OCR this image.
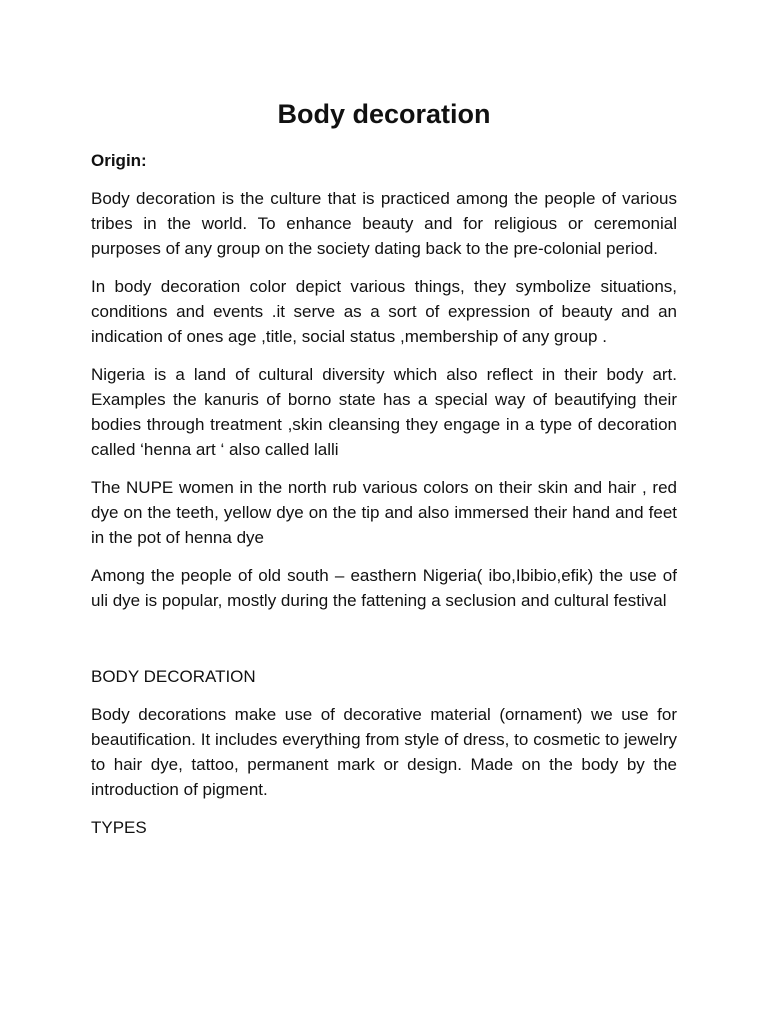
Body decoration

Origin:

Body decoration is the culture that is practiced among the people of various tribes in the world. To enhance beauty and for religious or ceremonial purposes of any group on the society dating back to the pre-colonial period.

In body decoration color depict various things, they symbolize situations, conditions and events .it serve as a sort of expression of beauty and an indication of ones age ,title, social status ,membership of any group .

Nigeria is a land of cultural diversity which also reflect in their body art. Examples the kanuris of borno state has a special way of beautifying their bodies through treatment ,skin cleansing they engage in a type of decoration called ‘henna art ‘ also called lalli

The NUPE women in the north rub various colors on their skin and hair , red dye on the teeth, yellow dye on the tip and also immersed their hand and feet in the pot of henna dye

Among the people of old south – easthern Nigeria( ibo,Ibibio,efik) the use of uli dye is popular, mostly during the fattening a seclusion and cultural festival

BODY DECORATION

Body decorations make use of decorative material (ornament) we use for beautification. It includes everything from style of dress, to cosmetic to jewelry to hair dye, tattoo, permanent mark or design. Made on the body by the introduction of pigment.

TYPES
